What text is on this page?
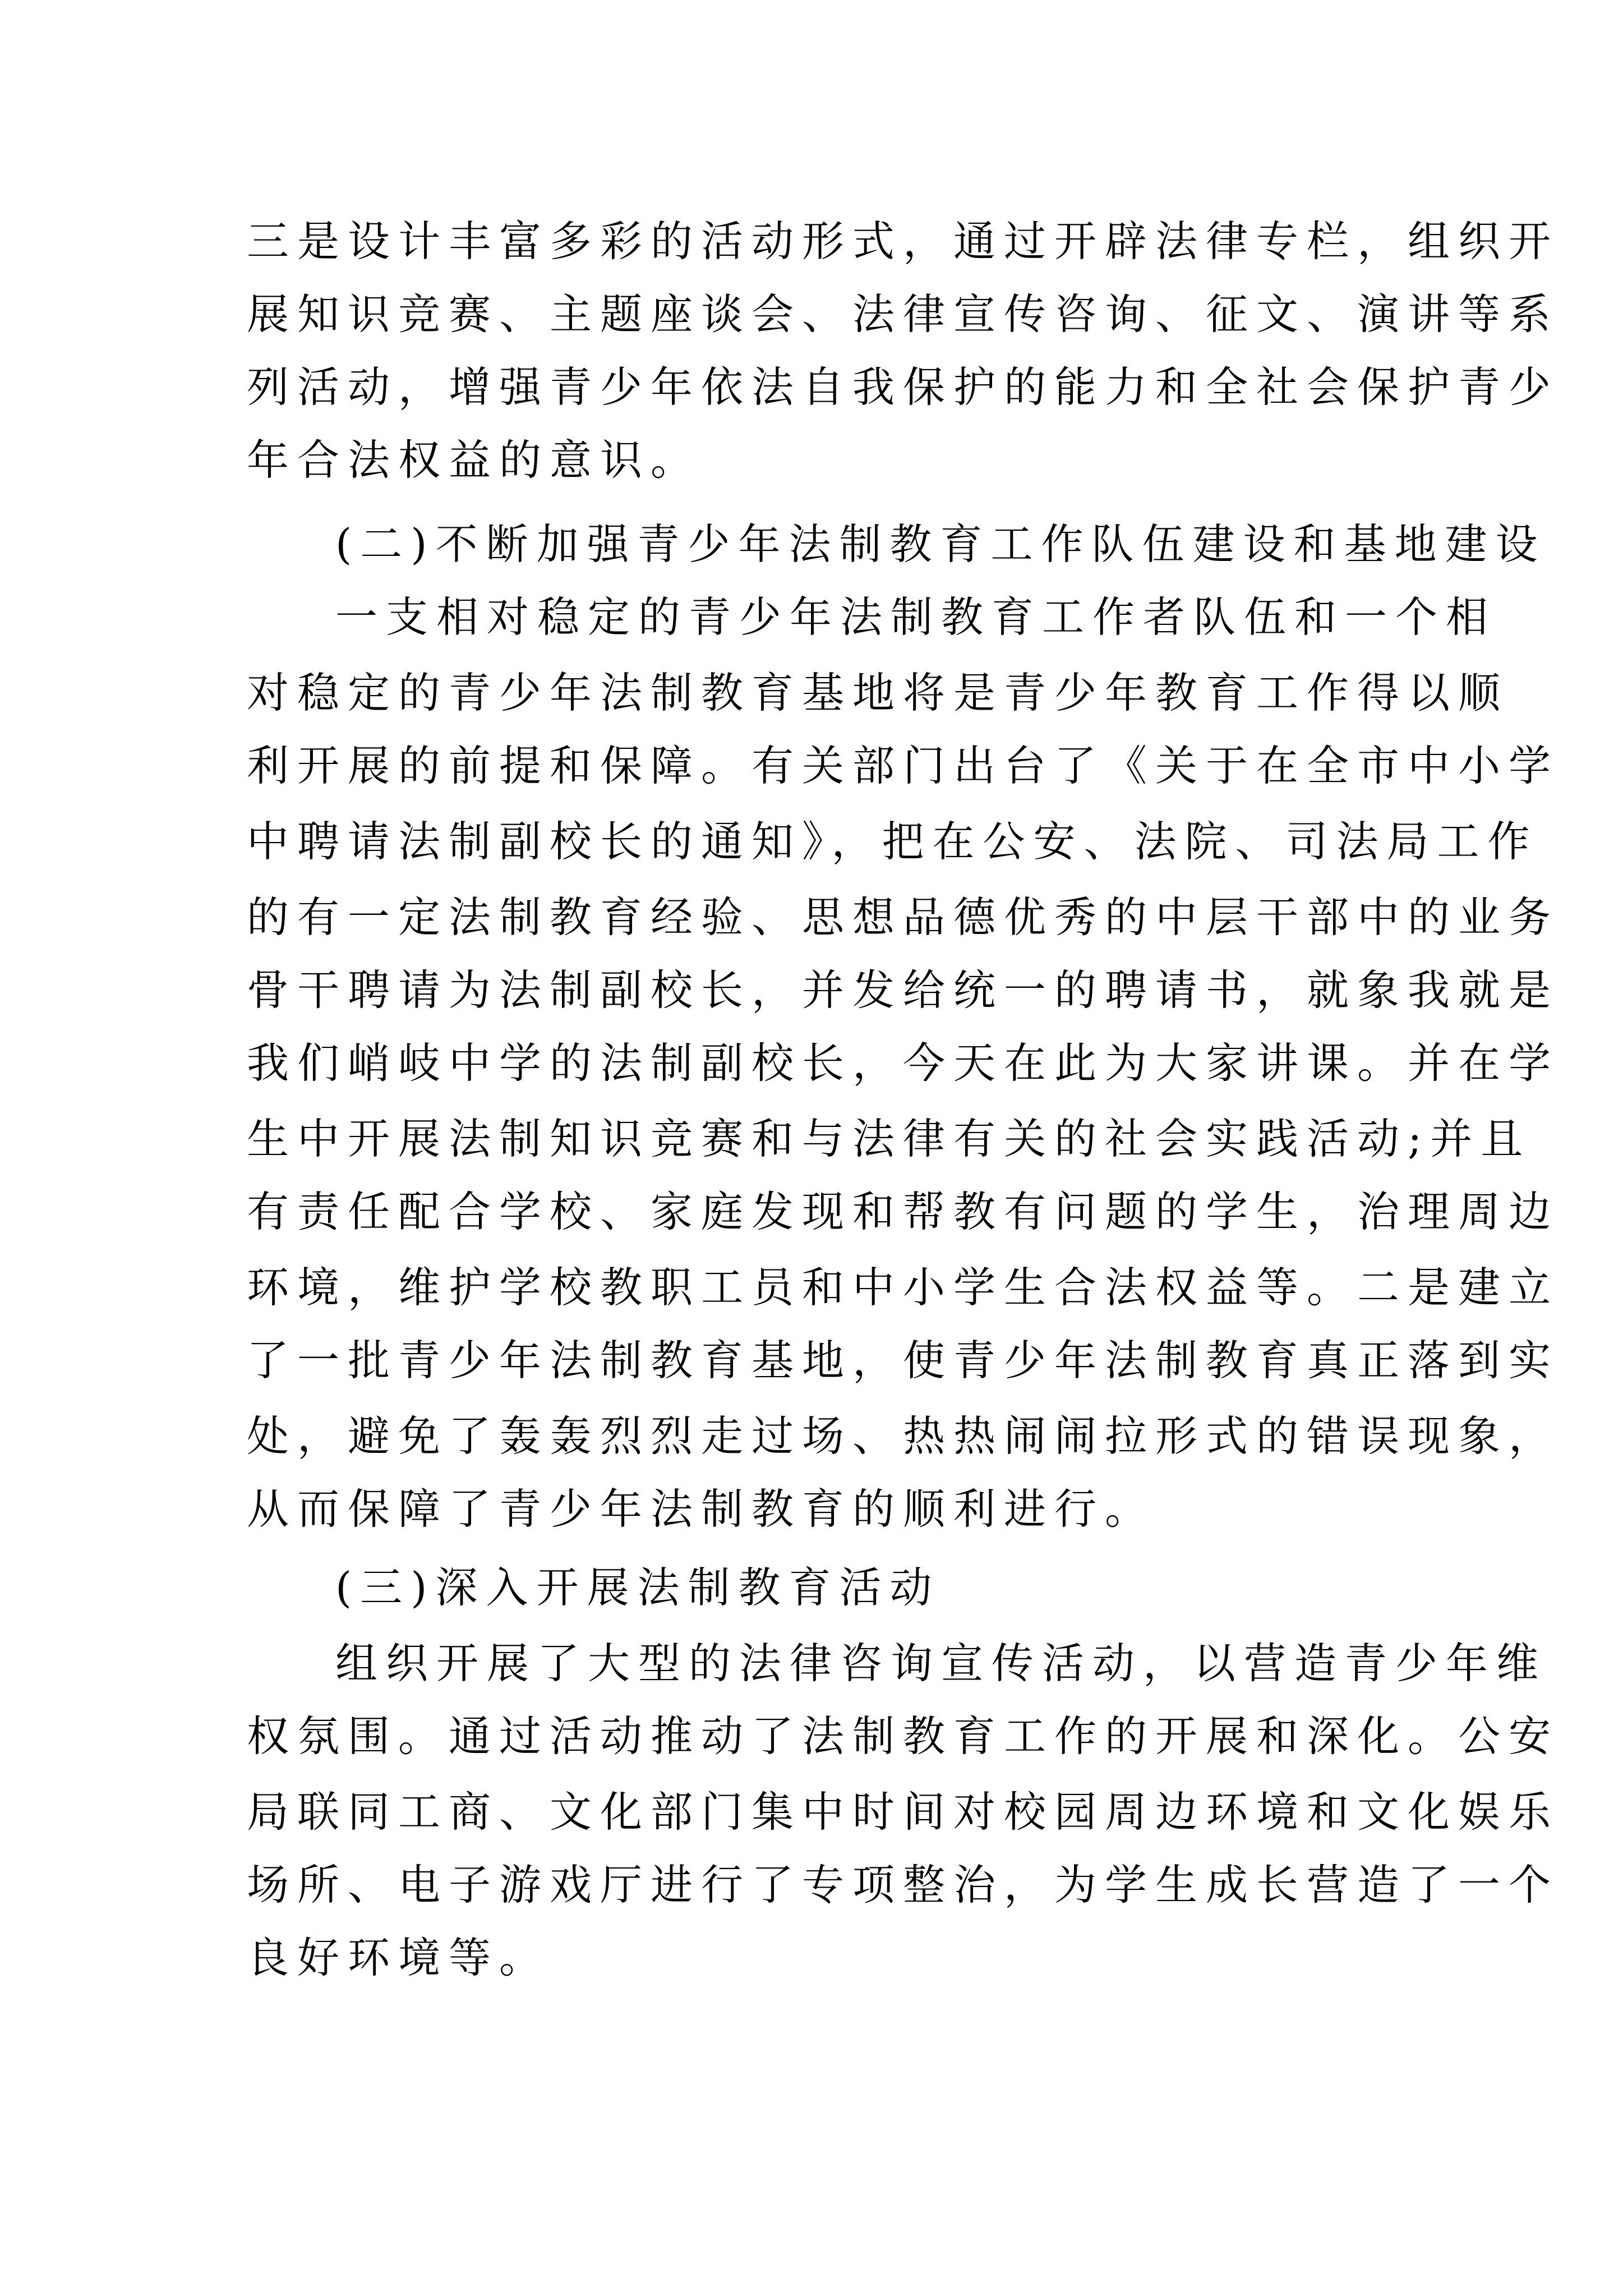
三是设计丰富多彩的活动形式，通过开辟法律专栏，组织开
展知识竞赛、主题座谈会、法律宣传咨询、征文、演讲等系
列活动，增强青少年依法自我保护的能力和全社会保护青少
年合法权益的意识。
(二)不断加强青少年法制教育工作队伍建设和基地建设
一支相对稳定的青少年法制教育工作者队伍和一个相
对稳定的青少年法制教育基地将是青少年教育工作得以顺
利开展的前提和保障。有关部门出台了《关于在全市中小学
中聘请法制副校长的通知》，把在公安、法院、司法局工作
的有一定法制教育经验、思想品德优秀的中层干部中的业务
骨干聘请为法制副校长，并发给统一的聘请书，就象我就是
我们峭岐中学的法制副校长，今天在此为大家讲课。并在学
生中开展法制知识竞赛和与法律有关的社会实践活动;并且
有责任配合学校、家庭发现和帮教有问题的学生，治理周边
环境，维护学校教职工员和中小学生合法权益等。二是建立
了一批青少年法制教育基地，使青少年法制教育真正落到实
处，避免了轰轰烈烈走过场、热热闹闹拉形式的错误现象，
从而保障了青少年法制教育的顺利进行。
(三)深入开展法制教育活动
组织开展了大型的法律咨询宣传活动，以营造青少年维
权氛围。通过活动推动了法制教育工作的开展和深化。公安
局联同工商、文化部门集中时间对校园周边环境和文化娱乐
场所、电子游戏厅进行了专项整治，为学生成长营造了一个
良好环境等。
